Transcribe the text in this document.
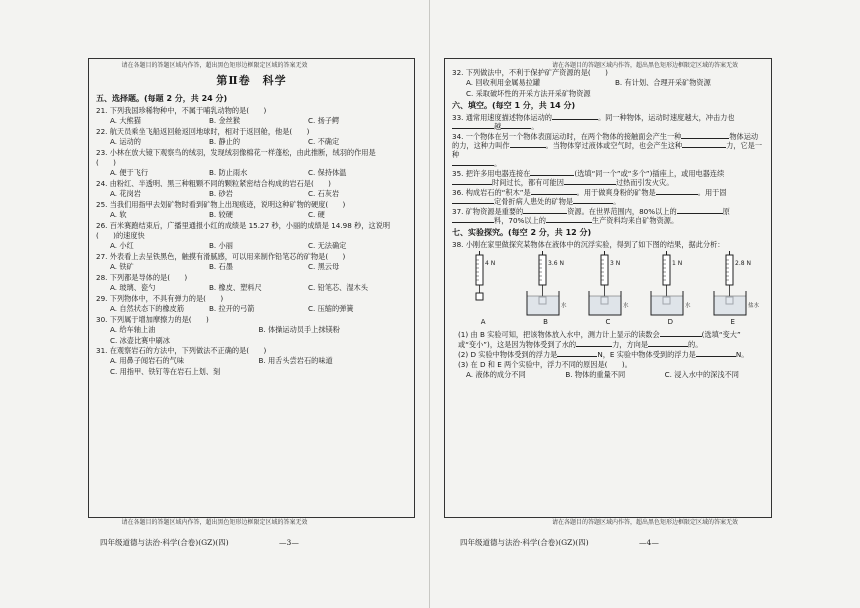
请在各题目的答题区域内作答，超出黑色矩形边框限定区域的答案无效
请在各题目的答题区域内作答，超出黑色矩形边框限定区域的答案无效
第Ⅱ卷　科学
五、选择题。(每题 2 分，共 24 分)
21. 下列我国珍稀物种中，不属于哺乳动物的是(　　)
A. 大熊猫	B. 金丝猴	C. 扬子鳄
22. 航天员乘坐飞船返回舱返回地球时，相对于返回舱，他是(　　)
A. 运动的	B. 静止的	C. 不确定
23. 小林在放大镜下观察鸟的绒羽，发现绒羽像棉花一样蓬松，由此推断，绒羽的作用是
(　　)
A. 便于飞行	B. 防止雨水	C. 保持体温
24. 由粉红、半透明、黑三种粗颗不同的颗粒紧密结合构成的岩石是(　　)
A. 花岗岩	B. 砂岩	C. 石灰岩
25. 当我们用指甲去划矿物时看到矿物上出现痕迹，说明这种矿物的硬度(　　)
A. 软	B. 较硬	C. 硬
26. 百米赛跑结束后，广播里通报小红的成绩是 15.27 秒，小丽的成绩是 14.98 秒，这说明
(　　)的速度快
A. 小红	B. 小丽	C. 无法确定
27. 外表看上去呈铁黑色，触摸有滑腻感，可以用来制作铅笔芯的矿物是(　　)
A. 铁矿	B. 石墨	C. 黑云母
28. 下列都是导体的是(　　)
A. 玻璃、瓷勺	B. 橡皮、塑料尺	C. 铅笔芯、湿木头
29. 下列物体中，不具有弹力的是(　　)
A. 自然状态下的橡皮筋	B. 拉开的弓箭	C. 压缩的弹簧
30. 下列属于增加摩擦力的是(　　)
A. 给车轴上油	B. 体操运动员手上抹镁粉
C. 冰壶比赛中刷冰
31. 在观察岩石的方法中，下列做法不正确的是(　　)
A. 用鼻子闻岩石的气味	B. 用舌头尝岩石的味道
C. 用指甲、铁钉等在岩石上划、刻
四年级道德与法治·科学(合卷)(GZ)(四)	—3—
请在各题目的答题区域内作答，超出黑色矩形边框限定区域的答案无效
请在各题目的答题区域内作答，超出黑色矩形边框限定区域的答案无效
32. 下列做法中，不利于保护矿产资源的是(　　)
A. 回收利用金属易拉罐	B. 有计划、合理开采矿物资源
C. 采取破坏性的开采方法开采矿物资源
六、填空。(每空 1 分，共 14 分)
33. 通常用速度描述物体运动的	。同一种物体，运动时速度越大，冲击力也
越	。
34. 一个物体在另一个物体表面运动时，在两个物体的接触面会产生一种	物体运动的力，这种力叫作	。当物体穿过液体或空气时，也会产生这种	力，它是一种
。
35. 把许多用电器连接在	(选填“同一个”或“多个”)插座上，或用电器连续时间过长，都有可能因	过热而引发火灾。
36. 构成岩石的“积木”是	。用于做爽身粉的矿物是	。用于固
定骨折病人患处的矿物是	。
37. 矿物资源是重要的	资源。在世界范围内，80%以上的	原
料，70%以上的	生产资料均来自矿物资源。
七、实验探究。(每空 2 分，共 12 分)
38. 小刚在家里做探究某物体在液体中的沉浮实验，得到了如下图的结果，据此分析：
4 N
A
水
3.6 N
B
水
3 N
C
水
1 N
D
盐水
2.8 N
E
(1) 由 B 实验可知，把该物体放入水中，测力计上显示的读数会	(选填“变大”
或“变小”)，这是因为物体受到了水的	力，方向是	的。
(2) D 实验中物体受到的浮力是	N，E 实验中物体受到的浮力是	N。
(3) 在 D 和 E 两个实验中，浮力不同的原因是(　　)。
A. 液体的成分不同	B. 物体的重量不同	C. 浸入水中的深浅不同
四年级道德与法治·科学(合卷)(GZ)(四)	—4—
